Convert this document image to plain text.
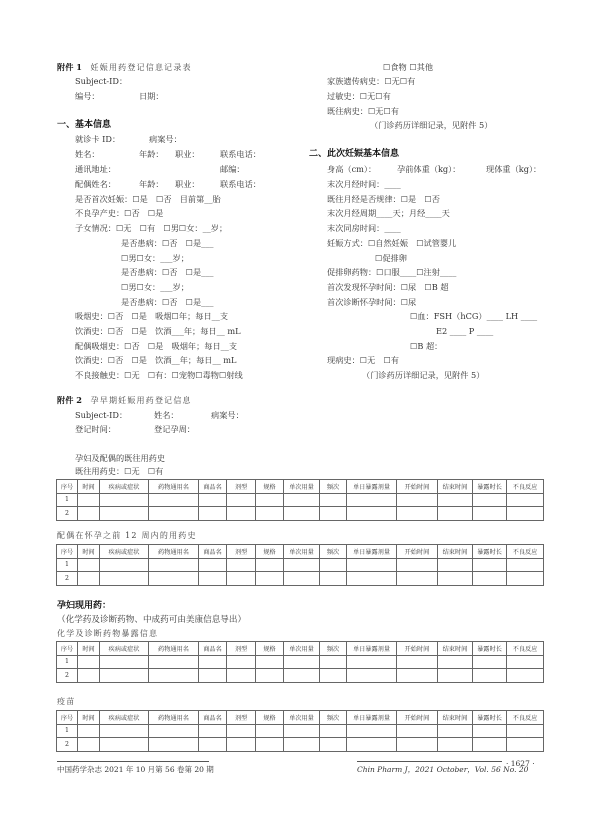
附件 1 妊娠用药登记信息记录表
Subject-ID：
编号：	日期：
一、基本信息
就诊卡 ID：	病案号：
姓名：	年龄： 职业： 联系电话：
通讯地址：	邮编：
配偶姓名：	年龄： 职业： 联系电话：
是否首次妊娠：☐是　☐否　目前第__胎
不良孕产史：☐否　☐是
子女情况：☐无　☐有　☐男☐女：__岁；
是否患病：☐否　☐是___
☐男☐女：___岁；
是否患病：☐否　☐是___
☐男☐女：___岁；
是否患病：☐否　☐是___
吸烟史：☐否　☐是　吸烟☐年；每日__支
饮酒史：☐否　☐是　饮酒___年；每日__ mL
配偶吸烟史：☐否　☐是　吸烟年；每日__支
饮酒史：☐否　☐是　饮酒__年；每日__ mL
不良接触史：☐无　☐有：☐宠物☐毒物☐射线
☐食物 ☐其他
家族遗传病史：☐无☐有
过敏史：☐无☐有
既往病史：☐无☐有
（门诊药历详细记录，见附件 5）
二、此次妊娠基本信息
身高（cm）：	孕前体重（kg）：	现体重（kg）：
末次月经时间：____
既往月经是否规律：☐是　☐否
末次月经周期____天；月经____天
末次同房时间：____
妊娠方式：☐自然妊娠　☐试管婴儿
☐促排卵
促排卵药物：☐口服____☐注射____
首次发现怀孕时间：☐尿　☐B 超
首次诊断怀孕时间：☐尿
☐血：FSH（hCG）____ LH ____
E2 ____ P ____
☐B 超：
现病史：☐无　☐有
（门诊药历详细记录，见附件 5）
附件 2 孕早期妊娠用药登记信息
Subject-ID：	姓名：	病案号：
登记时间：	登记孕周：
孕妇及配偶的既往用药史
既往用药史：☐无　☐有
序号	时间	疾病或症状	药物通用名	商品名	剂型	规格	单次用量	频次	单日暴露剂量	开始时间	结束时间	暴露时长	不良反应
1													
2													
配偶在怀孕之前 12 周内的用药史
序号	时间	疾病或症状	药物通用名	商品名	剂型	规格	单次用量	频次	单日暴露剂量	开始时间	结束时间	暴露时长	不良反应
1													
2													
孕妇现用药：
（化学药及诊断药物、中成药可由美康信息导出）
化学及诊断药物暴露信息
序号	时间	疾病或症状	药物通用名	商品名	剂型	规格	单次用量	频次	单日暴露剂量	开始时间	结束时间	暴露时长	不良反应
1													
2													
疫苗
序号	时间	疾病或症状	药物通用名	商品名	剂型	规格	单次用量	频次	单日暴露剂量	开始时间	结束时间	暴露时长	不良反应
1													
2													
中国药学杂志 2021 年 10 月第 56 卷第 20 期	Chin Pharm J，2021 October，Vol. 56 No. 20
· 1627 ·
